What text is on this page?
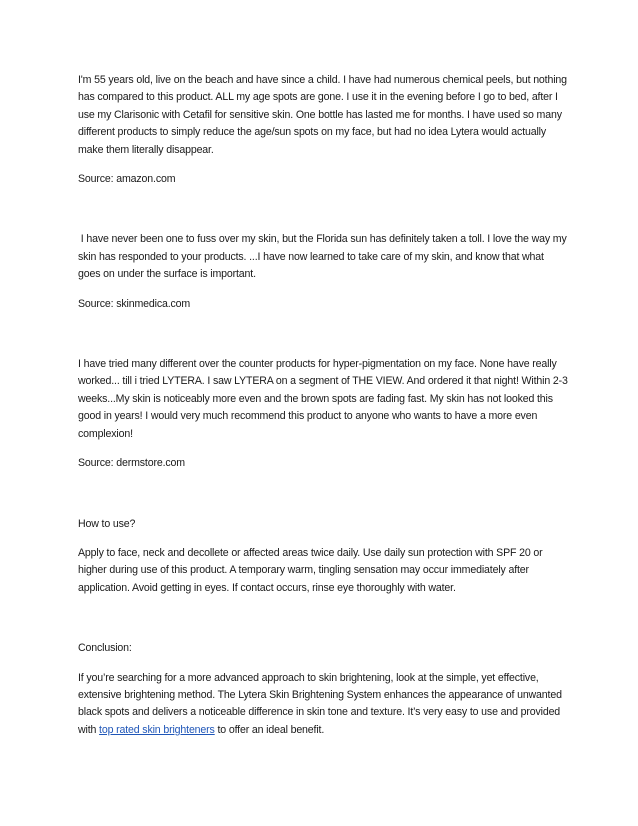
I'm 55 years old, live on the beach and have since a child. I have had numerous chemical peels, but nothing has compared to this product. ALL my age spots are gone. I use it in the evening before I go to bed, after I use my Clarisonic with Cetafil for sensitive skin. One bottle has lasted me for months. I have used so many different products to simply reduce the age/sun spots on my face, but had no idea Lytera would actually make them literally disappear.

Source: amazon.com

I have never been one to fuss over my skin, but the Florida sun has definitely taken a toll. I love the way my skin has responded to your products. ...I have now learned to take care of my skin, and know that what goes on under the surface is important.

Source: skinmedica.com

I have tried many different over the counter products for hyper-pigmentation on my face. None have really worked... till i tried LYTERA. I saw LYTERA on a segment of THE VIEW. And ordered it that night! Within 2-3 weeks...My skin is noticeably more even and the brown spots are fading fast. My skin has not looked this good in years! I would very much recommend this product to anyone who wants to have a more even complexion!

Source: dermstore.com

How to use?

Apply to face, neck and decollete or affected areas twice daily. Use daily sun protection with SPF 20 or higher during use of this product. A temporary warm, tingling sensation may occur immediately after application. Avoid getting in eyes. If contact occurs, rinse eye thoroughly with water.

Conclusion:

If you’re searching for a more advanced approach to skin brightening, look at the simple, yet effective, extensive brightening method. The Lytera Skin Brightening System enhances the appearance of unwanted black spots and delivers a noticeable difference in skin tone and texture. It’s very easy to use and provided with top rated skin brighteners to offer an ideal benefit.
